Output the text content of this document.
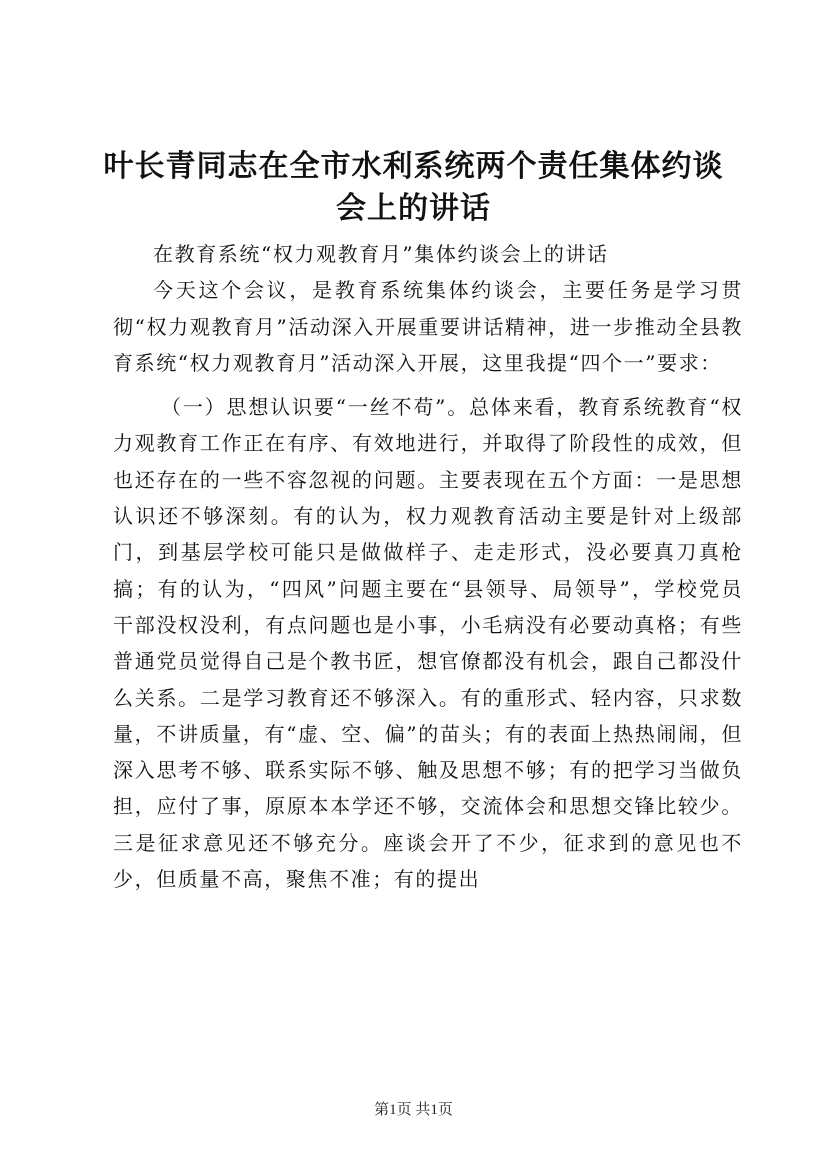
叶长青同志在全市水利系统两个责任集体约谈
会上的讲话

在教育系统“权力观教育月”集体约谈会上的讲话

今天这个会议，是教育系统集体约谈会，主要任务是学习贯彻“权力观教育月”活动深入开展重要讲话精神，进一步推动全县教育系统“权力观教育月”活动深入开展，这里我提“四个一”要求：

（一）思想认识要“一丝不苟”。总体来看，教育系统教育“权力观教育工作正在有序、有效地进行，并取得了阶段性的成效，但也还存在的一些不容忽视的问题。主要表现在五个方面：一是思想认识还不够深刻。有的认为，权力观教育活动主要是针对上级部门，到基层学校可能只是做做样子、走走形式，没必要真刀真枪搞；有的认为，“四风”问题主要在“县领导、局领导”，学校党员干部没权没利，有点问题也是小事，小毛病没有必要动真格；有些普通党员觉得自己是个教书匠，想官僚都没有机会，跟自己都没什么关系。二是学习教育还不够深入。有的重形式、轻内容，只求数量，不讲质量，有“虚、空、偏”的苗头；有的表面上热热闹闹，但深入思考不够、联系实际不够、触及思想不够；有的把学习当做负担，应付了事，原原本本学还不够，交流体会和思想交锋比较少。三是征求意见还不够充分。座谈会开了不少，征求到的意见也不少，但质量不高，聚焦不准；有的提出

第1页 共1页
